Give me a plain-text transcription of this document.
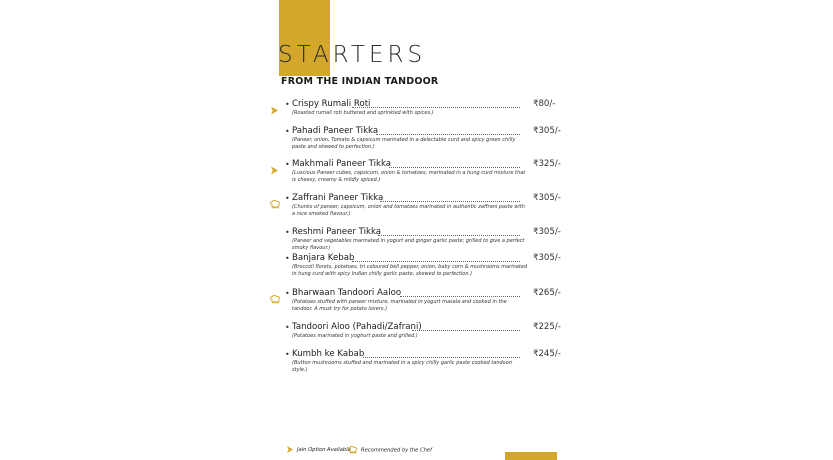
STARTERS
FROM THE INDIAN TANDOOR
• Crispy Rumali Roti	₹80/-
(Roasted rumali roti buttered and sprinkled with spices.)
• Pahadi Paneer Tikka	₹305/-
(Paneer, onion, Tomato & capsicum marinated in a delectable curd and spicy green chilly paste and skewed to perfection.)
• Makhmali Paneer Tikka	₹325/-
(Luscious Paneer cubes, capsicum, onion & tomatoes, marinated in a hung curd mixture that is cheesy, creamy & mildly spiced.)
• Zaffrani Paneer Tikka	₹305/-
(Chunks of paneer, capsicum, onion and tomatoes marinated in authentic zaffrani paste with a nice smoked flavour.)
• Reshmi Paneer Tikka	₹305/-
(Paneer and vegetables marinated in yogurt and ginger garlic paste; grilled to give a perfect smoky flavour.)
• Banjara Kebab	₹305/-
(Broccoli florets, potatoes, tri coloured bell pepper, onion, baby corn & mushrooms marinated in hung curd with spicy Indian chilly garlic paste, skewed to perfection.)
• Bharwaan Tandoori Aaloo	₹265/-
(Potatoes stuffed with paneer mixture, marinated in yogurt masala and cooked in the tandoor. A must try for potato lovers.)
• Tandoori Aloo (Pahadi/Zafrani)	₹225/-
(Potatoes marinated in yoghurt paste and grilled.)
• Kumbh ke Kabab	₹245/-
(Button mushrooms stuffed and marinated in a spicy chilly garlic paste cooked tandoori style.)
Jain Option Available	Recommended by the Chef
